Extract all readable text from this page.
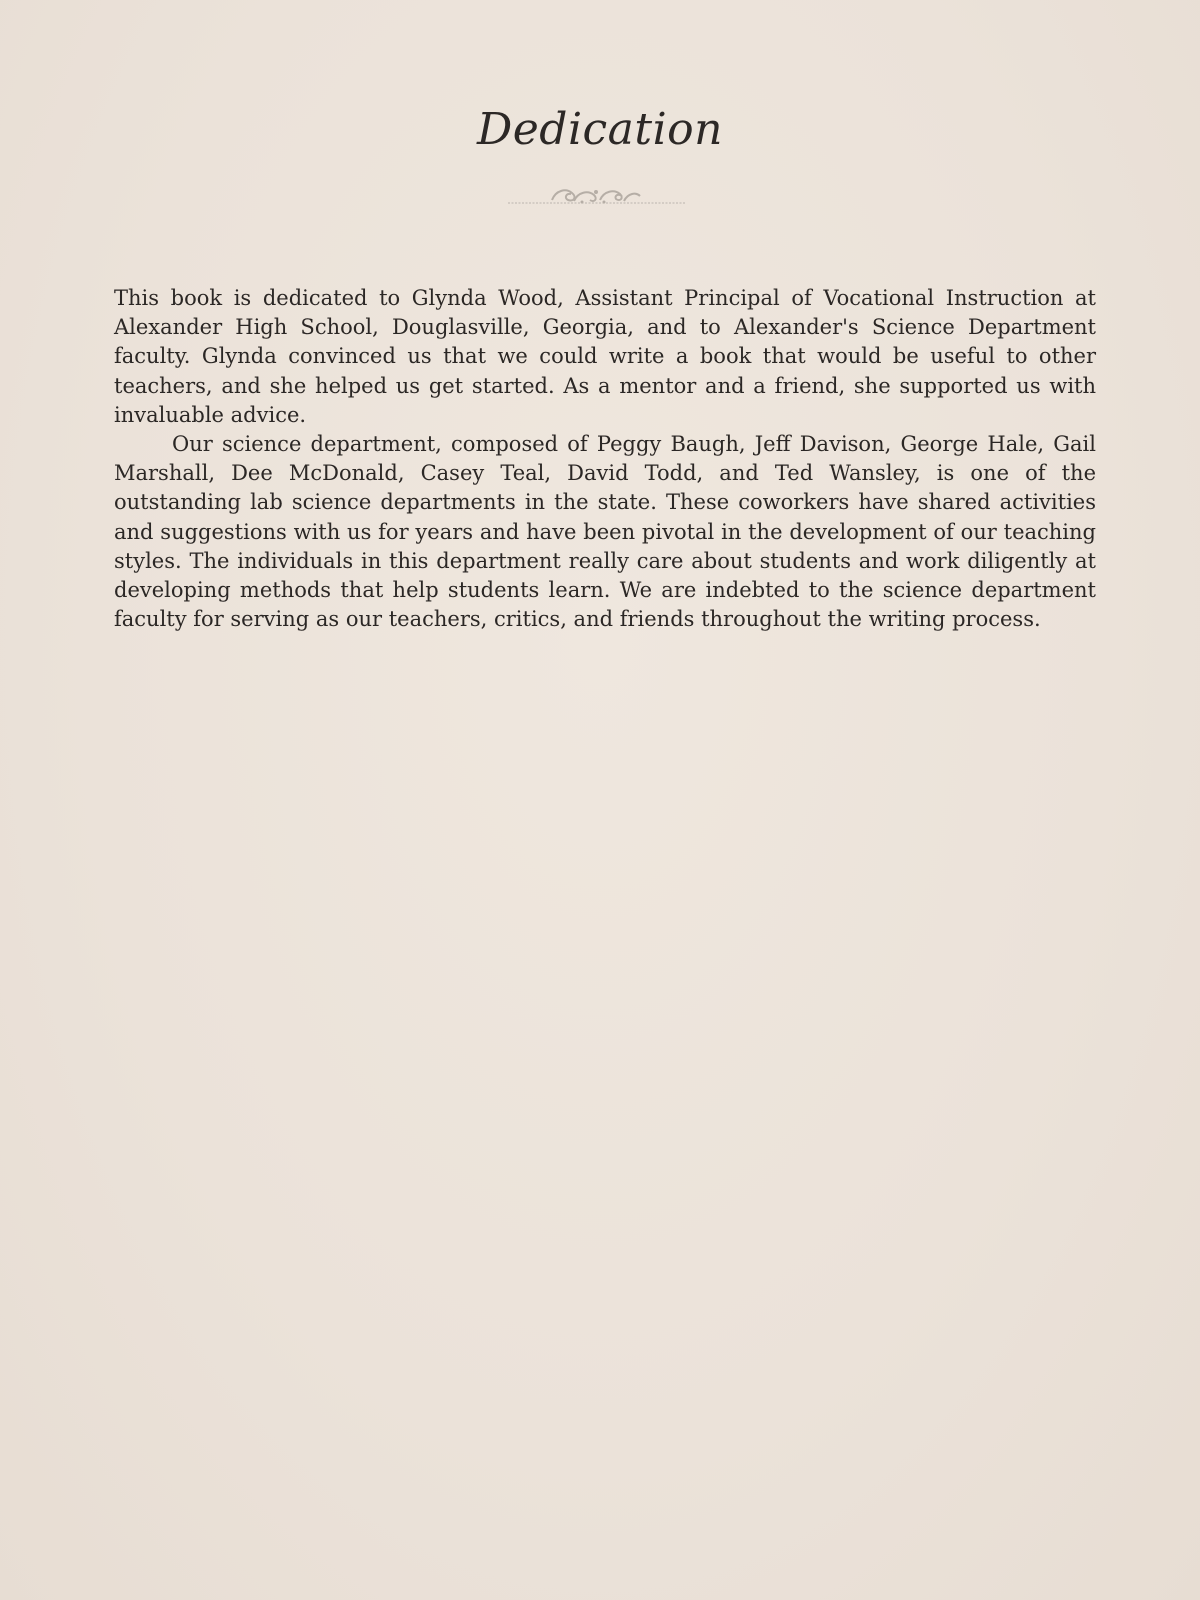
Dedication

This book is dedicated to Glynda Wood, Assistant Principal of Vocational Instruction at Alexander High School, Douglasville, Georgia, and to Alexander's Science Department faculty. Glynda convinced us that we could write a book that would be useful to other teachers, and she helped us get started. As a mentor and a friend, she supported us with invaluable advice.

Our science department, composed of Peggy Baugh, Jeff Davison, George Hale, Gail Marshall, Dee McDonald, Casey Teal, David Todd, and Ted Wansley, is one of the outstanding lab science departments in the state. These coworkers have shared activities and suggestions with us for years and have been pivotal in the development of our teaching styles. The individuals in this department really care about students and work diligently at developing methods that help students learn. We are indebted to the science department faculty for serving as our teachers, critics, and friends throughout the writing process.
